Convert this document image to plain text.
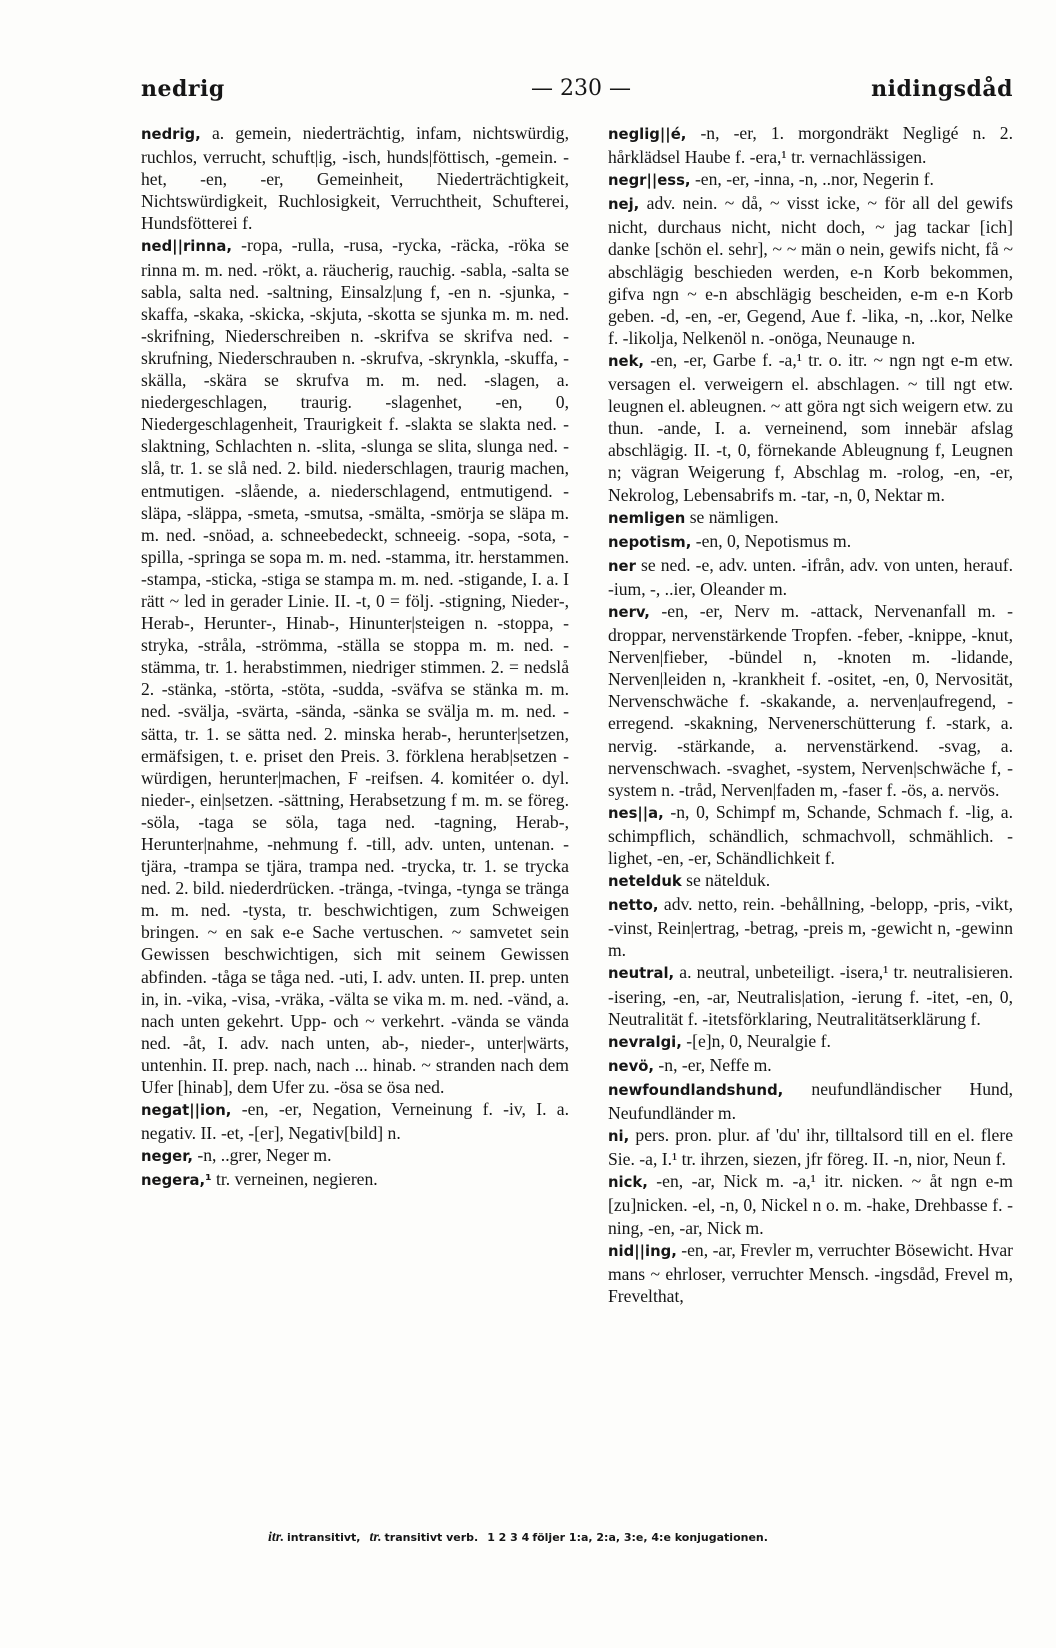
nedrig	— 230 —	nidingsdåd
nedrig, a. gemein, niederträchtig, infam, nichtswürdig, ruchlos, verrucht, schuft|ig, -isch, hunds|föttisch, -gemein. -het, -en, -er, Gemeinheit, Niederträchtigkeit, Nichtswürdigkeit, Ruchlosigkeit, Verruchtheit, Schufterei, Hundsfötterei f.
ned||rinna, -ropa, -rulla, -rusa, -rycka, -räcka, -röka se rinna m. m. ned. -rökt, a. räucherig, rauchig. -sabla, -salta se sabla, salta ned. -saltning, Einsalz|ung f, -en n. -sjunka, -skaffa, -skaka, -skicka, -skjuta, -skotta se sjunka m. m. ned. -skrifning, Niederschreiben n. -skrifva se skrifva ned. -skrufning, Niederschrauben n. -skrufva, -skrynkla, -skuffa, -skälla, -skära se skrufva m. m. ned. -slagen, a. niedergeschlagen, traurig. -slagenhet, -en, 0, Niedergeschlagenheit, Traurigkeit f. -slakta se slakta ned. -slaktning, Schlachten n. -slita, -slunga se slita, slunga ned. -slå, tr. 1. se slå ned. 2. bild. niederschlagen, traurig machen, entmutigen. -slående, a. niederschlagend, entmutigend. -släpa, -släppa, -smeta, -smutsa, -smälta, -smörja se släpa m. m. ned. -snöad, a. schneebedeckt, schneeig. -sopa, -sota, -spilla, -springa se sopa m. m. ned. -stamma, itr. herstammen. -stampa, -sticka, -stiga se stampa m. m. ned. -stigande, I. a. I rätt ~ led in gerader Linie. II. -t, 0 = följ. -stigning, Nieder-, Herab-, Herunter-, Hinab-, Hinunter|steigen n. -stoppa, -stryka, -stråla, -strömma, -ställa se stoppa m. m. ned. -stämma, tr. 1. herabstimmen, niedriger stimmen. 2. = nedslå 2. -stänka, -störta, -stöta, -sudda, -sväfva se stänka m. m. ned. -svälja, -svärta, -sända, -sänka se svälja m. m. ned. -sätta, tr. 1. se sätta ned. 2. minska herab-, herunter|setzen, ermäfsigen, t. e. priset den Preis. 3. förklena herab|setzen -würdigen, herunter|machen, F -reifsen. 4. komitéer o. dyl. nieder-, ein|setzen. -sättning, Herabsetzung f m. m. se föreg. -söla, -taga se söla, taga ned. -tagning, Herab-, Herunter|nahme, -nehmung f. -till, adv. unten, untenan. -tjära, -trampa se tjära, trampa ned. -trycka, tr. 1. se trycka ned. 2. bild. niederdrücken. -tränga, -tvinga, -tynga se tränga m. m. ned. -tysta, tr. beschwichtigen, zum Schweigen bringen. ~ en sak e-e Sache vertuschen. ~ samvetet sein Gewissen beschwichtigen, sich mit seinem Gewissen abfinden. -tåga se tåga ned. -uti, I. adv. unten. II. prep. unten in, in. -vika, -visa, -vräka, -välta se vika m. m. ned. -vänd, a. nach unten gekehrt. Upp- och ~ verkehrt. -vända se vända ned. -åt, I. adv. nach unten, ab-, nieder-, unter|wärts, untenhin. II. prep. nach, nach ... hinab. ~ stranden nach dem Ufer [hinab], dem Ufer zu. -ösa se ösa ned.
negat||ion, -en, -er, Negation, Verneinung f. -iv, I. a. negativ. II. -et, -[er], Negativ[bild] n.
neger, -n, ..grer, Neger m.
negera,¹ tr. verneinen, negieren.
neglig||é, -n, -er, 1. morgondräkt Negligé n. 2. hårklädsel Haube f. -era,¹ tr. vernachlässigen.
negr||ess, -en, -er, -inna, -n, ..nor, Negerin f.
nej, adv. nein. ~ då, ~ visst icke, ~ för all del gewifs nicht, durchaus nicht, nicht doch, ~ jag tackar [ich] danke [schön el. sehr], ~ ~ män o nein, gewifs nicht, få ~ abschlägig beschieden werden, e-n Korb bekommen, gifva ngn ~ e-n abschlägig bescheiden, e-m e-n Korb geben. -d, -en, -er, Gegend, Aue f. -lika, -n, ..kor, Nelke f. -likolja, Nelkenöl n. -onöga, Neunauge n.
nek, -en, -er, Garbe f. -a,¹ tr. o. itr. ~ ngn ngt e-m etw. versagen el. verweigern el. abschlagen. ~ till ngt etw. leugnen el. ableugnen. ~ att göra ngt sich weigern etw. zu thun. -ande, I. a. verneinend, som innebär afslag abschlägig. II. -t, 0, förnekande Ableugnung f, Leugnen n; vägran Weigerung f, Abschlag m. -rolog, -en, -er, Nekrolog, Lebensabrifs m. -tar, -n, 0, Nektar m.
nemligen se nämligen.
nepotism, -en, 0, Nepotismus m.
ner se ned. -e, adv. unten. -ifrån, adv. von unten, herauf. -ium, -, ..ier, Oleander m.
nerv, -en, -er, Nerv m. -attack, Nervenanfall m. -droppar, nervenstärkende Tropfen. -feber, -knippe, -knut, Nerven|fieber, -bündel n, -knoten m. -lidande, Nerven|leiden n, -krankheit f. -ositet, -en, 0, Nervosität, Nervenschwäche f. -skakande, a. nerven|aufregend, -erregend. -skakning, Nervenerschütterung f. -stark, a. nervig. -stärkande, a. nervenstärkend. -svag, a. nervenschwach. -svaghet, -system, Nerven|schwäche f, -system n. -tråd, Nerven|faden m, -faser f. -ös, a. nervös.
nes||a, -n, 0, Schimpf m, Schande, Schmach f. -lig, a. schimpflich, schändlich, schmachvoll, schmählich. -lighet, -en, -er, Schändlichkeit f.
netelduk se nätelduk.
netto, adv. netto, rein. -behållning, -belopp, -pris, -vikt, -vinst, Rein|ertrag, -betrag, -preis m, -gewicht n, -gewinn m.
neutral, a. neutral, unbeteiligt. -isera,¹ tr. neutralisieren. -isering, -en, -ar, Neutralis|ation, -ierung f. -itet, -en, 0, Neutralität f. -itetsförklaring, Neutralitätserklärung f.
nevralgi, -[e]n, 0, Neuralgie f.
nevö, -n, -er, Neffe m.
newfoundlandshund, neufundländischer Hund, Neufundländer m.
ni, pers. pron. plur. af 'du' ihr, tilltalsord till en el. flere Sie. -a, I.¹ tr. ihrzen, siezen, jfr föreg. II. -n, nior, Neun f.
nick, -en, -ar, Nick m. -a,¹ itr. nicken. ~ åt ngn e-m [zu]nicken. -el, -n, 0, Nickel n o. m. -hake, Drehbasse f. -ning, -en, -ar, Nick m.
nid||ing, -en, -ar, Frevler m, verruchter Bösewicht. Hvar mans ~ ehrloser, verruchter Mensch. -ingsdåd, Frevel m, Frevelthat,
itr. intransitivt, tr. transitivt verb. 1 2 3 4 följer 1:a, 2:a, 3:e, 4:e konjugationen.
